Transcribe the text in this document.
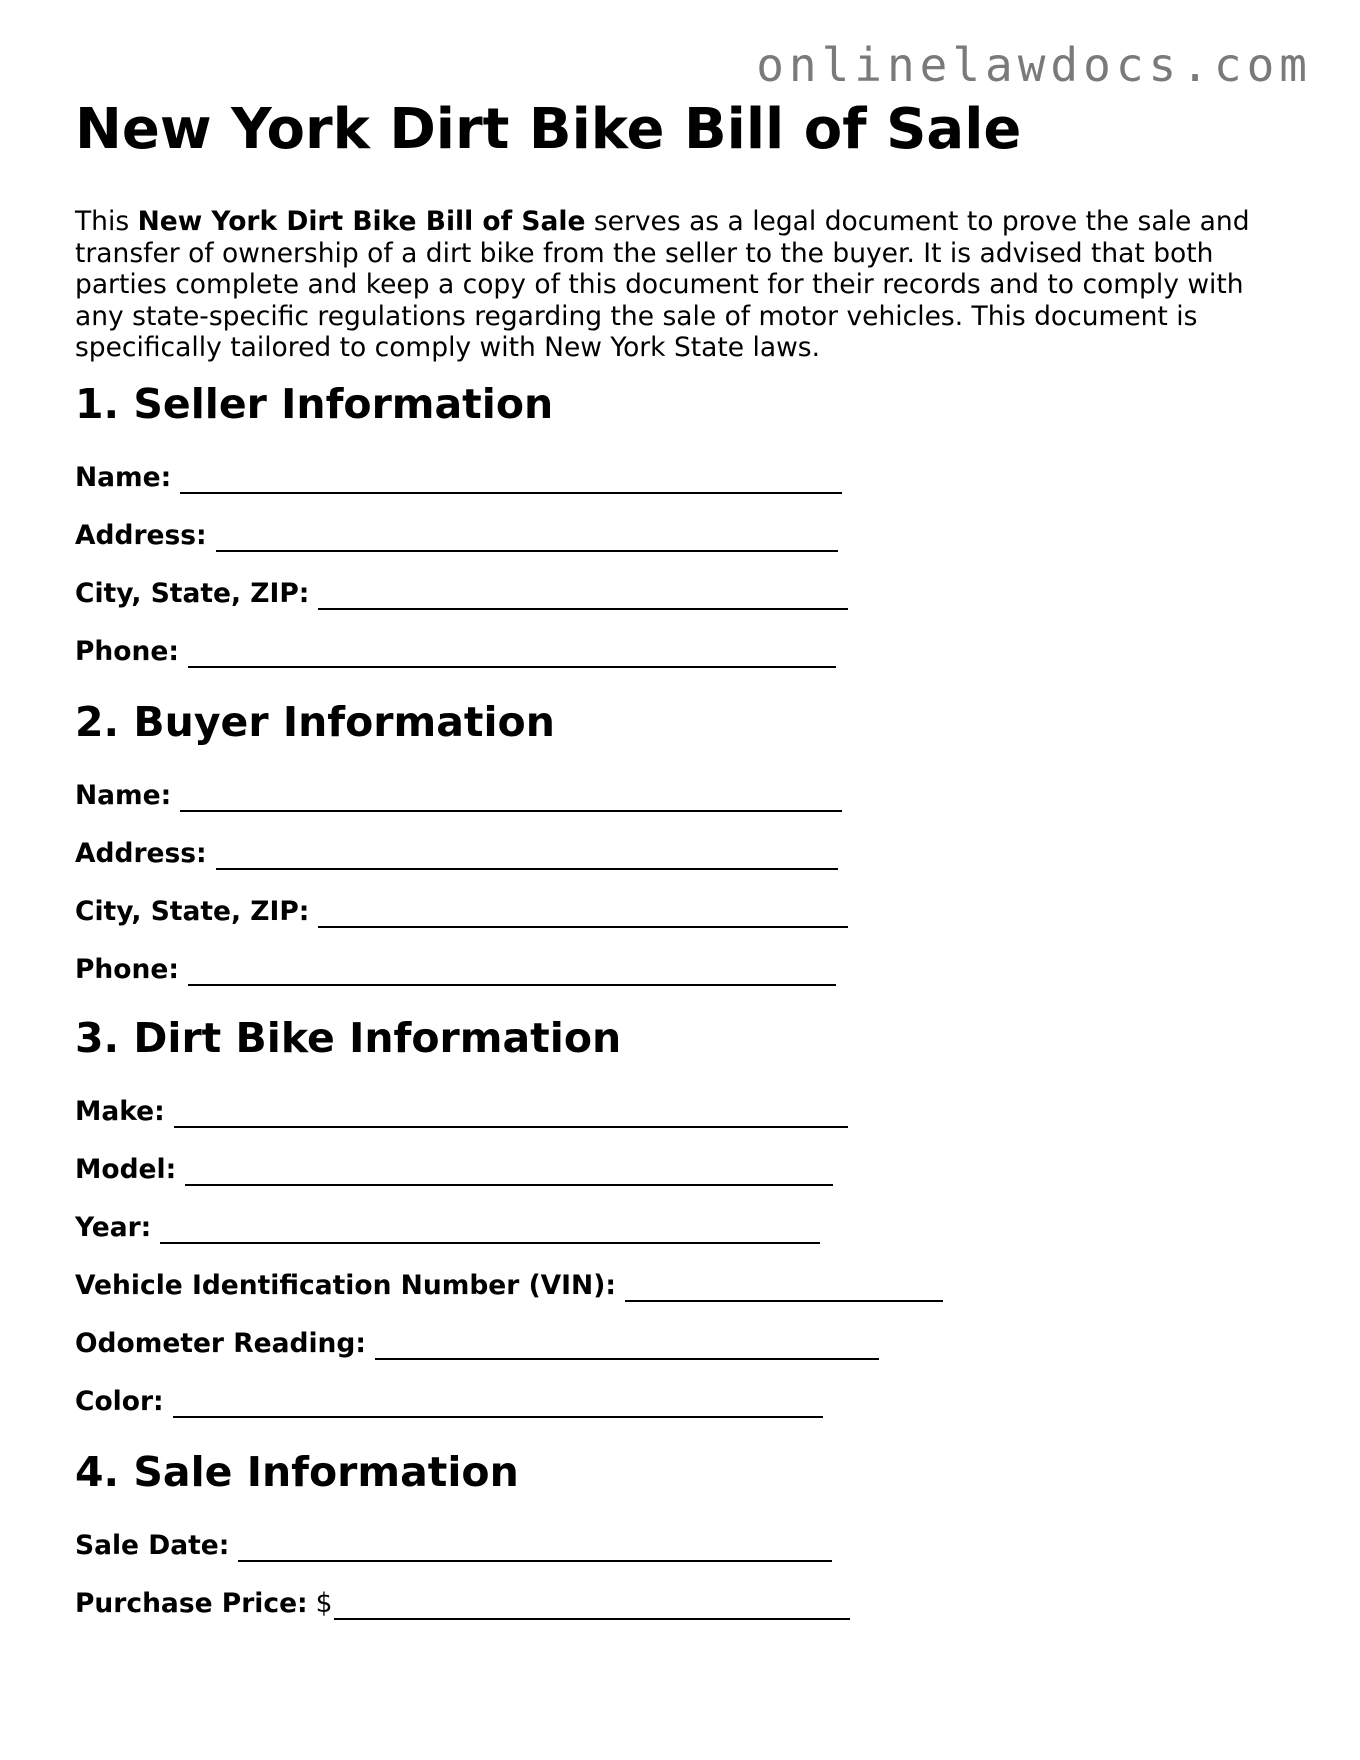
onlinelawdocs.com
New York Dirt Bike Bill of Sale

This New York Dirt Bike Bill of Sale serves as a legal document to prove the sale and transfer of ownership of a dirt bike from the seller to the buyer. It is advised that both parties complete and keep a copy of this document for their records and to comply with any state-specific regulations regarding the sale of motor vehicles. This document is specifically tailored to comply with New York State laws.

1. Seller Information
Name:
Address:
City, State, ZIP:
Phone:
2. Buyer Information
Name:
Address:
City, State, ZIP:
Phone:
3. Dirt Bike Information
Make:
Model:
Year:
Vehicle Identification Number (VIN):
Odometer Reading:
Color:
4. Sale Information
Sale Date:
Purchase Price: $
